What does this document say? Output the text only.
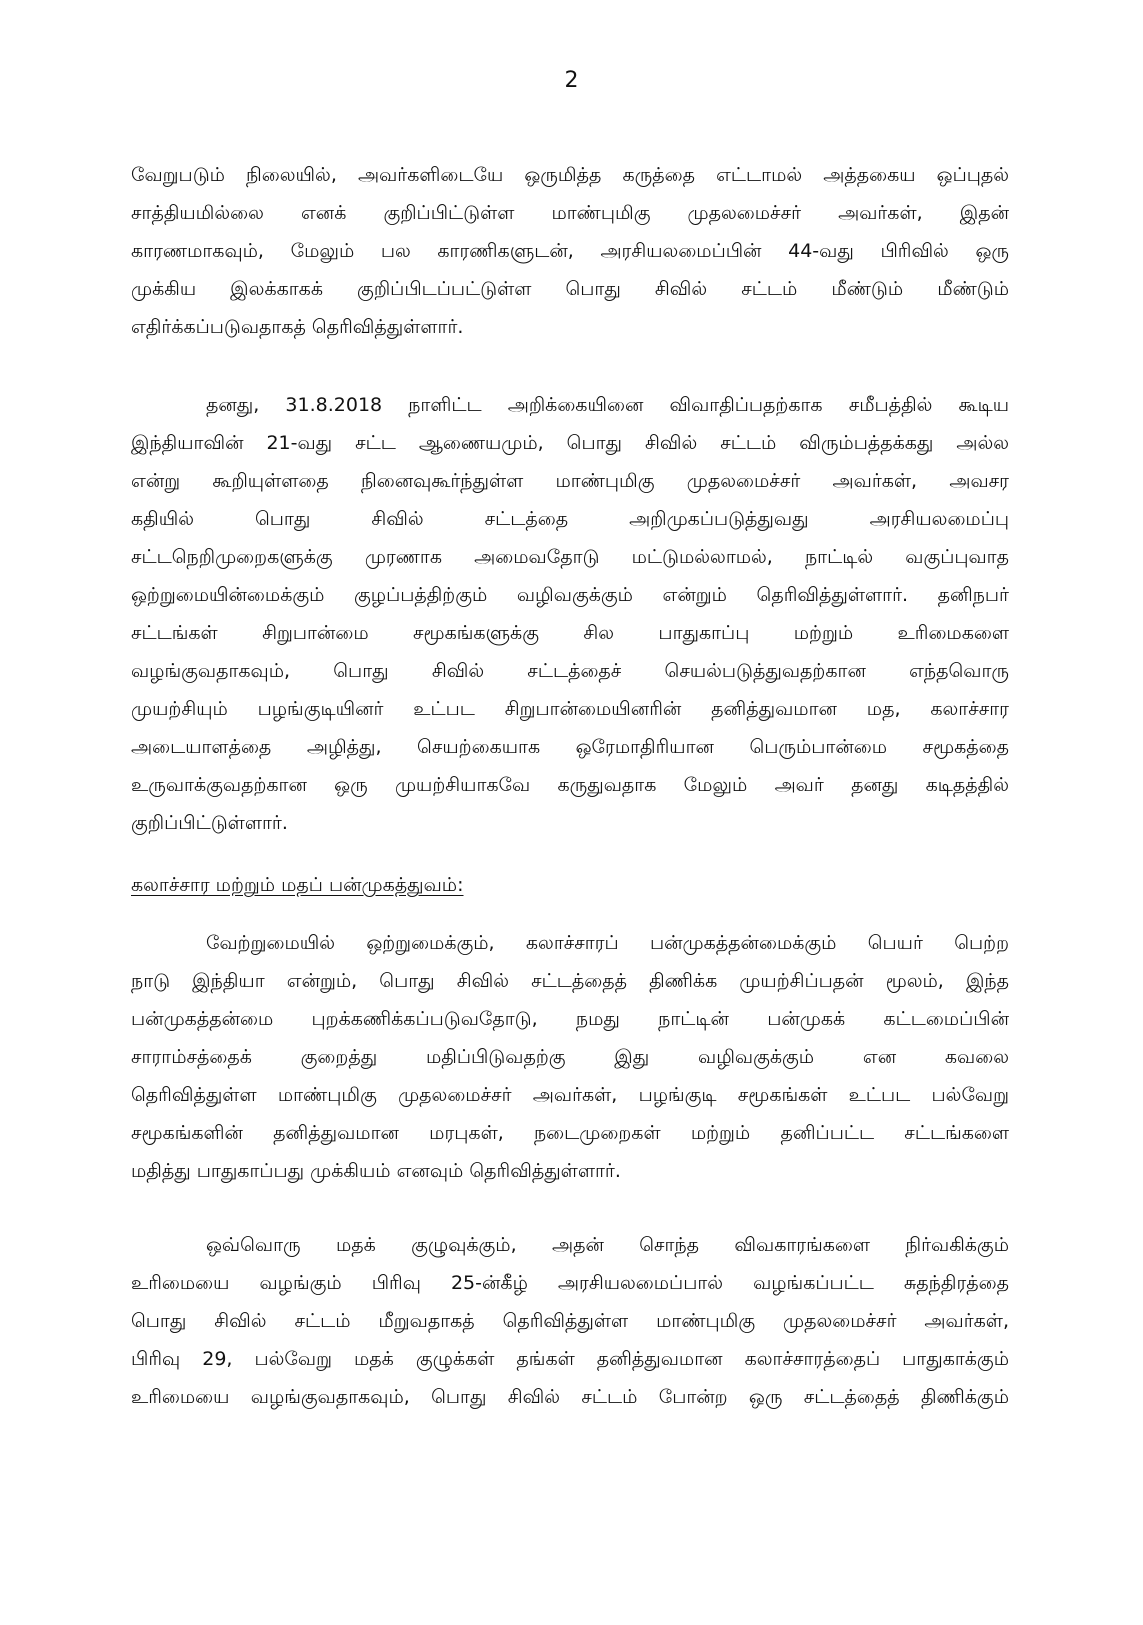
2
வேறுபடும் நிலையில், அவர்களிடையே ஒருமித்த கருத்தை எட்டாமல் அத்தகைய ஒப்புதல்
சாத்தியமில்லை எனக் குறிப்பிட்டுள்ள மாண்புமிகு முதலமைச்சர் அவர்கள், இதன்
காரணமாகவும், மேலும் பல காரணிகளுடன், அரசியலமைப்பின் 44-வது பிரிவில் ஒரு
முக்கிய இலக்காகக் குறிப்பிடப்பட்டுள்ள பொது சிவில் சட்டம் மீண்டும் மீண்டும்
எதிர்க்கப்படுவதாகத் தெரிவித்துள்ளார்.
தனது, 31.8.2018 நாளிட்ட அறிக்கையினை விவாதிப்பதற்காக சமீபத்தில் கூடிய
இந்தியாவின் 21-வது சட்ட ஆணையமும், பொது சிவில் சட்டம் விரும்பத்தக்கது அல்ல
என்று கூறியுள்ளதை நினைவுகூர்ந்துள்ள மாண்புமிகு முதலமைச்சர் அவர்கள், அவசர
கதியில் பொது சிவில் சட்டத்தை அறிமுகப்படுத்துவது அரசியலமைப்பு
சட்டநெறிமுறைகளுக்கு முரணாக அமைவதோடு மட்டுமல்லாமல், நாட்டில் வகுப்புவாத
ஒற்றுமையின்மைக்கும் குழப்பத்திற்கும் வழிவகுக்கும் என்றும் தெரிவித்துள்ளார். தனிநபர்
சட்டங்கள் சிறுபான்மை சமூகங்களுக்கு சில பாதுகாப்பு மற்றும் உரிமைகளை
வழங்குவதாகவும், பொது சிவில் சட்டத்தைச் செயல்படுத்துவதற்கான எந்தவொரு
முயற்சியும் பழங்குடியினர் உட்பட சிறுபான்மையினரின் தனித்துவமான மத, கலாச்சார
அடையாளத்தை அழித்து, செயற்கையாக ஒரேமாதிரியான பெரும்பான்மை சமூகத்தை
உருவாக்குவதற்கான ஒரு முயற்சியாகவே கருதுவதாக மேலும் அவர் தனது கடிதத்தில்
குறிப்பிட்டுள்ளார்.
கலாச்சார மற்றும் மதப் பன்முகத்துவம்:
வேற்றுமையில் ஒற்றுமைக்கும், கலாச்சாரப் பன்முகத்தன்மைக்கும் பெயர் பெற்ற
நாடு இந்தியா என்றும், பொது சிவில் சட்டத்தைத் திணிக்க முயற்சிப்பதன் மூலம், இந்த
பன்முகத்தன்மை புறக்கணிக்கப்படுவதோடு, நமது நாட்டின் பன்முகக் கட்டமைப்பின்
சாராம்சத்தைக் குறைத்து மதிப்பிடுவதற்கு இது வழிவகுக்கும் என கவலை
தெரிவித்துள்ள மாண்புமிகு முதலமைச்சர் அவர்கள், பழங்குடி சமூகங்கள் உட்பட பல்வேறு
சமூகங்களின் தனித்துவமான மரபுகள், நடைமுறைகள் மற்றும் தனிப்பட்ட சட்டங்களை
மதித்து பாதுகாப்பது முக்கியம் எனவும் தெரிவித்துள்ளார்.
ஒவ்வொரு மதக் குழுவுக்கும், அதன் சொந்த விவகாரங்களை நிர்வகிக்கும்
உரிமையை வழங்கும் பிரிவு 25-ன்கீழ் அரசியலமைப்பால் வழங்கப்பட்ட சுதந்திரத்தை
பொது சிவில் சட்டம் மீறுவதாகத் தெரிவித்துள்ள மாண்புமிகு முதலமைச்சர் அவர்கள்,
பிரிவு 29, பல்வேறு மதக் குழுக்கள் தங்கள் தனித்துவமான கலாச்சாரத்தைப் பாதுகாக்கும்
உரிமையை வழங்குவதாகவும், பொது சிவில் சட்டம் போன்ற ஒரு சட்டத்தைத் திணிக்கும்
